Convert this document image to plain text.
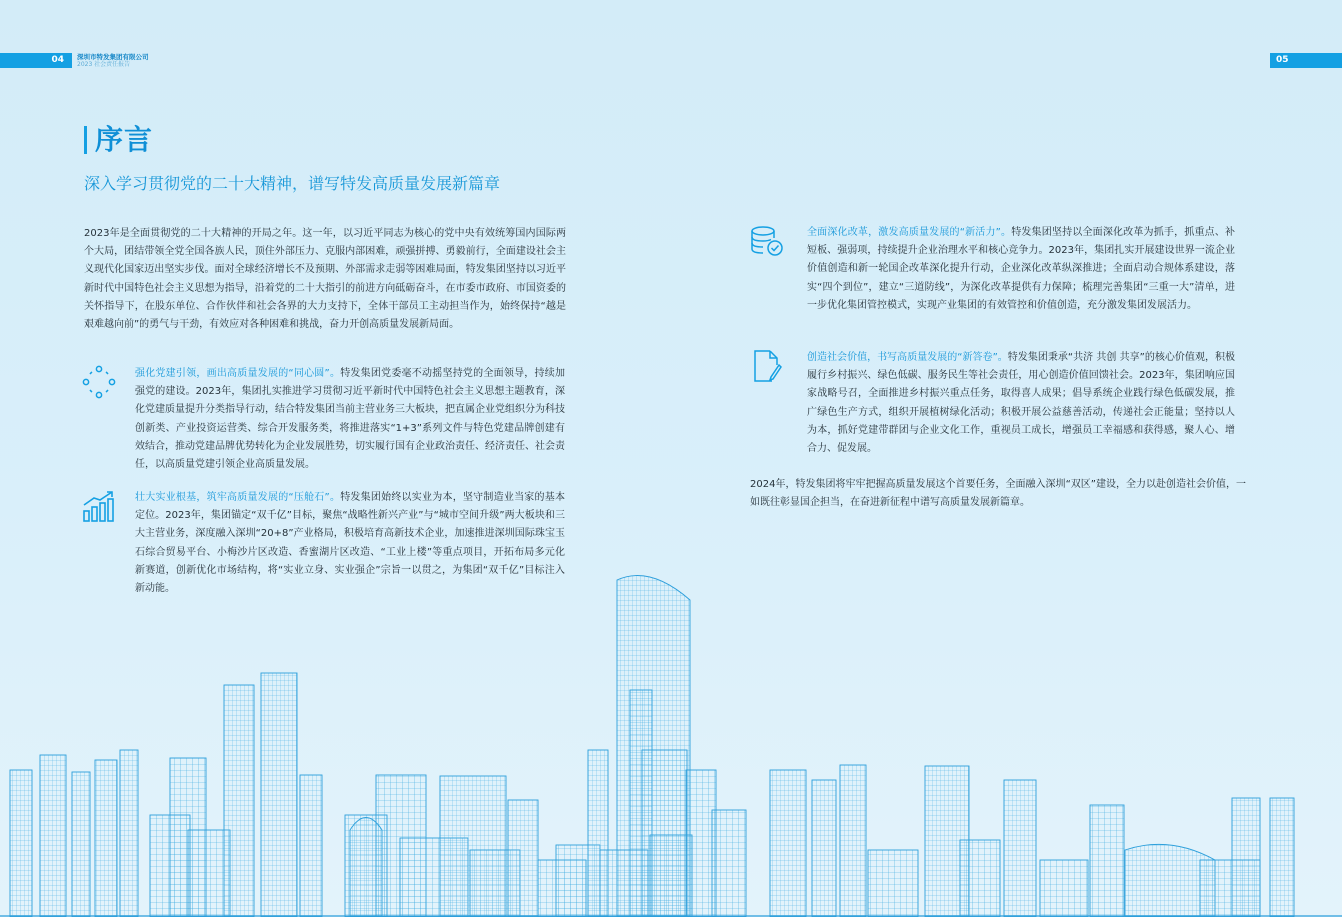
04	深圳市特发集团有限公司
2023 社会责任报告	05
序言
深入学习贯彻党的二十大精神，谱写特发高质量发展新篇章

2023年是全面贯彻党的二十大精神的开局之年。这一年，以习近平同志为核心的党中央有效统筹国内国际两个大局，团结带领全党全国各族人民，顶住外部压力、克服内部困难，顽强拼搏、勇毅前行，全面建设社会主义现代化国家迈出坚实步伐。面对全球经济增长不及预期、外部需求走弱等困难局面，特发集团坚持以习近平新时代中国特色社会主义思想为指导，沿着党的二十大指引的前进方向砥砺奋斗，在市委市政府、市国资委的关怀指导下，在股东单位、合作伙伴和社会各界的大力支持下，全体干部员工主动担当作为，始终保持“越是艰难越向前”的勇气与干劲，有效应对各种困难和挑战，奋力开创高质量发展新局面。

强化党建引领，画出高质量发展的“同心圆”。特发集团党委毫不动摇坚持党的全面领导，持续加强党的建设。2023年，集团扎实推进学习贯彻习近平新时代中国特色社会主义思想主题教育，深化党建质量提升分类指导行动，结合特发集团当前主营业务三大板块，把直属企业党组织分为科技创新类、产业投资运营类、综合开发服务类，将推进落实“1+3”系列文件与特色党建品牌创建有效结合，推动党建品牌优势转化为企业发展胜势，切实履行国有企业政治责任、经济责任、社会责任，以高质量党建引领企业高质量发展。

壮大实业根基，筑牢高质量发展的“压舱石”。特发集团始终以实业为本，坚守制造业当家的基本定位。2023年，集团锚定“双千亿”目标，聚焦“战略性新兴产业”与“城市空间升级”两大板块和三大主营业务，深度融入深圳“20+8”产业格局，积极培育高新技术企业，加速推进深圳国际珠宝玉石综合贸易平台、小梅沙片区改造、香蜜湖片区改造、“工业上楼”等重点项目，开拓布局多元化新赛道，创新优化市场结构，将“实业立身、实业强企”宗旨一以贯之，为集团“双千亿”目标注入新动能。

全面深化改革，激发高质量发展的“新活力”。特发集团坚持以全面深化改革为抓手，抓重点、补短板、强弱项，持续提升企业治理水平和核心竞争力。2023年，集团扎实开展建设世界一流企业价值创造和新一轮国企改革深化提升行动，企业深化改革纵深推进；全面启动合规体系建设，落实“四个到位”，建立“三道防线”，为深化改革提供有力保障；梳理完善集团“三重一大”清单，进一步优化集团管控模式，实现产业集团的有效管控和价值创造，充分激发集团发展活力。

创造社会价值，书写高质量发展的“新答卷”。特发集团秉承“共济 共创 共享”的核心价值观，积极履行乡村振兴、绿色低碳、服务民生等社会责任，用心创造价值回馈社会。2023年，集团响应国家战略号召，全面推进乡村振兴重点任务，取得喜人成果；倡导系统企业践行绿色低碳发展，推广绿色生产方式，组织开展植树绿化活动；积极开展公益慈善活动，传递社会正能量；坚持以人为本，抓好党建带群团与企业文化工作，重视员工成长，增强员工幸福感和获得感，聚人心、增合力、促发展。

2024年，特发集团将牢牢把握高质量发展这个首要任务，全面融入深圳“双区”建设，全力以赴创造社会价值，一如既往彰显国企担当，在奋进新征程中谱写高质量发展新篇章。
